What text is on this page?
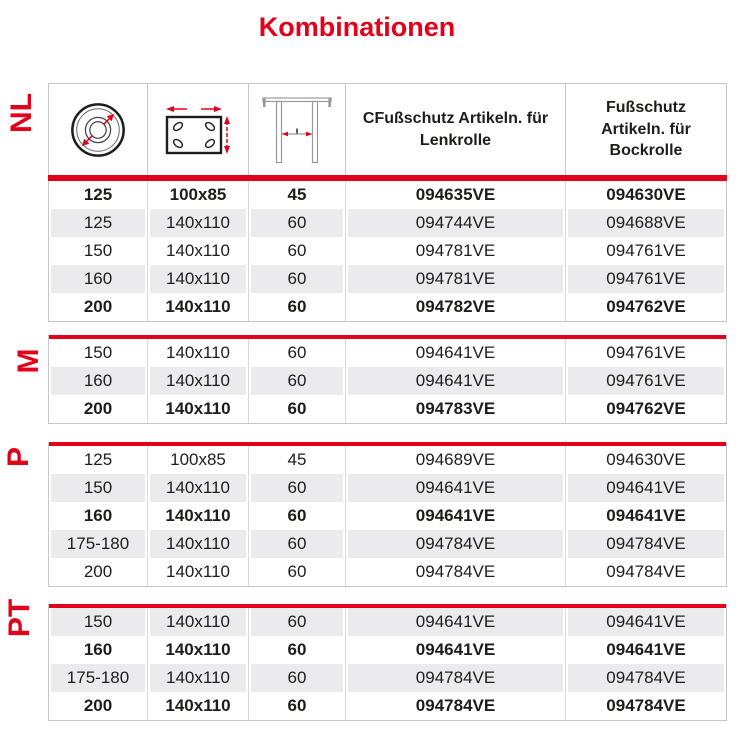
Kombinationen
CFußschutz Artikeln. für Lenkrolle
Fußschutz Artikeln. für Bockrolle
125	100x85	45	094635VE	094630VE
125	140x110	60	094744VE	094688VE
150	140x110	60	094781VE	094761VE
160	140x110	60	094781VE	094761VE
200	140x110	60	094782VE	094762VE
150	140x110	60	094641VE	094761VE
160	140x110	60	094641VE	094761VE
200	140x110	60	094783VE	094762VE
125	100x85	45	094689VE	094630VE
150	140x110	60	094641VE	094641VE
160	140x110	60	094641VE	094641VE
175-180	140x110	60	094784VE	094784VE
200	140x110	60	094784VE	094784VE
150	140x110	60	094641VE	094641VE
160	140x110	60	094641VE	094641VE
175-180	140x110	60	094784VE	094784VE
200	140x110	60	094784VE	094784VE
NL
M
P
PT
